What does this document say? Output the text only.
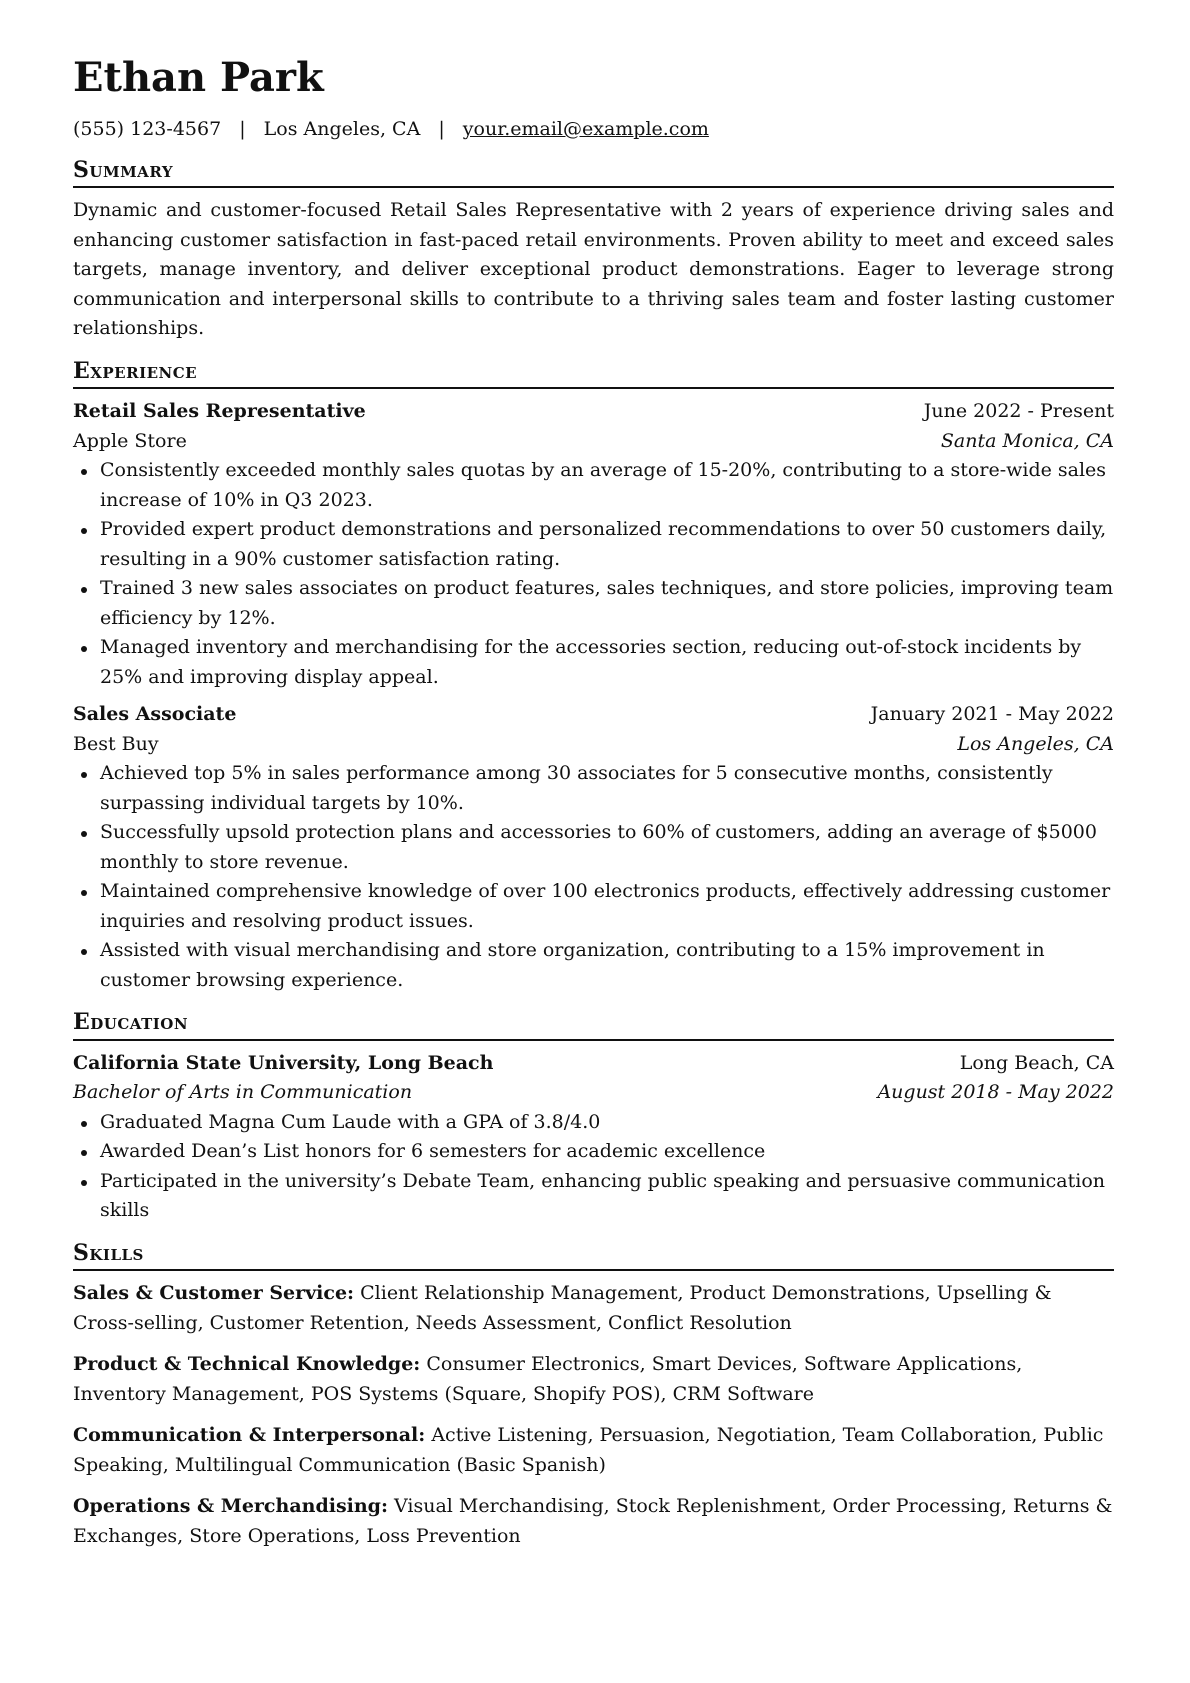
Ethan Park
(555) 123-4567 | Los Angeles, CA | your.email@example.com
Summary

Dynamic and customer-focused Retail Sales Representative with 2 years of experience driving sales and enhancing customer satisfaction in fast-paced retail environments. Proven ability to meet and exceed sales targets, manage inventory, and deliver exceptional product demonstrations. Eager to leverage strong communication and interpersonal skills to contribute to a thriving sales team and foster lasting customer relationships.

Experience
Retail Sales Representative	June 2022 - Present
Apple Store	Santa Monica, CA
Consistently exceeded monthly sales quotas by an average of 15-20%, contributing to a store-wide sales increase of 10% in Q3 2023.
Provided expert product demonstrations and personalized recommendations to over 50 customers daily, resulting in a 90% customer satisfaction rating.
Trained 3 new sales associates on product features, sales techniques, and store policies, improving team efficiency by 12%.
Managed inventory and merchandising for the accessories section, reducing out-of-stock incidents by 25% and improving display appeal.
Sales Associate	January 2021 - May 2022
Best Buy	Los Angeles, CA
Achieved top 5% in sales performance among 30 associates for 5 consecutive months, consistently surpassing individual targets by 10%.
Successfully upsold protection plans and accessories to 60% of customers, adding an average of $5000 monthly to store revenue.
Maintained comprehensive knowledge of over 100 electronics products, effectively addressing customer inquiries and resolving product issues.
Assisted with visual merchandising and store organization, contributing to a 15% improvement in customer browsing experience.
Education
California State University, Long Beach	Long Beach, CA
Bachelor of Arts in Communication	August 2018 - May 2022
Graduated Magna Cum Laude with a GPA of 3.8/4.0
Awarded Dean’s List honors for 6 semesters for academic excellence
Participated in the university’s Debate Team, enhancing public speaking and persuasive communication skills
Skills

Sales & Customer Service: Client Relationship Management, Product Demonstrations, Upselling & Cross-selling, Customer Retention, Needs Assessment, Conflict Resolution

Product & Technical Knowledge: Consumer Electronics, Smart Devices, Software Applications, Inventory Management, POS Systems (Square, Shopify POS), CRM Software

Communication & Interpersonal: Active Listening, Persuasion, Negotiation, Team Collaboration, Public Speaking, Multilingual Communication (Basic Spanish)

Operations & Merchandising: Visual Merchandising, Stock Replenishment, Order Processing, Returns & Exchanges, Store Operations, Loss Prevention
